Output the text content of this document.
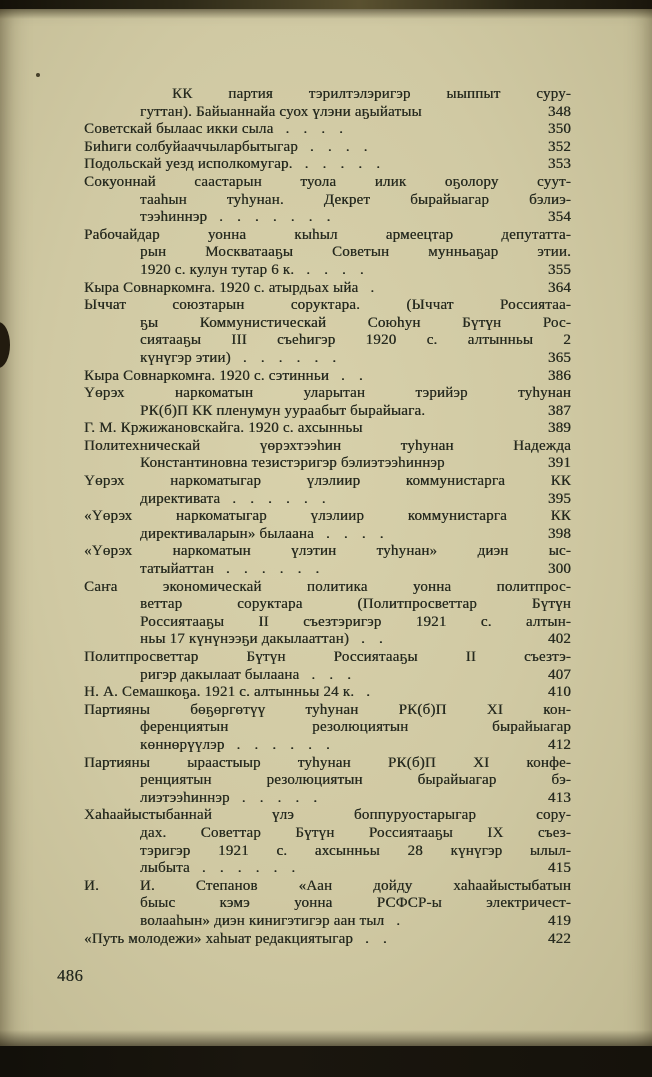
КК партия тэрилтэлэригэр ыыппыт суру-
гуттан). Байыаннайа суох үлэни аҕыйатыы	348
Советскай былаас икки сыла . . . .	350
Биһиги солбуйааччыларбытыгар . . . .	352
Подольскай уезд исполкомугар. . . . . .	353
Сокуоннай саастарын туола илик оҕолору суут-
тааһын туһунан. Декрет бырайыагар бэлиэ-
тээһиннэр . . . . . . .	354
Рабочайдар уонна кыһыл армеецтар депутатта-
рын Москватааҕы Советын мунньаҕар этии.
1920 с. кулун тутар 6 к. . . . .	355
Кыра Совнаркомҥа. 1920 с. атырдьах ыйа .	364
Ыччат союзтарын соруктара. (Ыччат Россиятаа-
ҕы Коммунистическай Союһун Бүтүн Рос-
сиятааҕы III съеһигэр 1920 с. алтынньы 2
күнүгэр этии) . . . . . .	365
Кыра Совнаркомҥа. 1920 с. сэтинньи . .	386
Үөрэх наркоматын уларытан тэрийэр туһунан
РК(б)П КК пленумун уураабыт бырайыага.	387
Г. М. Кржижановскайга. 1920 с. ахсынньы	389
Политехническай үөрэхтээһин туһунан Надежда
Константиновна тезистэригэр бэлиэтээһиннэр	391
Үөрэх наркоматыгар үлэлиир коммунистарга КК
директивата . . . . . .	395
«Үөрэх наркоматыгар үлэлиир коммунистарга КК
директиваларын» былаана . . . .	398
«Үөрэх наркоматын үлэтин туһунан» диэн ыс-
татыйаттан . . . . . .	300
Саҥа экономическай политика уонна политпрос-
веттар соруктара (Политпросветтар Бүтүн
Россиятааҕы II съезтэригэр 1921 с. алтын-
ньы 17 күнүнээҕи дакылааттан) . .	402
Политпросветтар Бүтүн Россиятааҕы II съезтэ-
ригэр дакылаат былаана . . .	407
Н. А. Семашкоҕа. 1921 с. алтынньы 24 к. .	410
Партияны бөҕөргөтүү туһунан РК(б)П XI кон-
ференциятын резолюциятын бырайыагар
көннөрүүлэр . . . . . .	412
Партияны ыраастыыр туһунан РК(б)П XI конфе-
ренциятын резолюциятын бырайыагар бэ-
лиэтээһиннэр . . . . .	413
Хаһаайыстыбаннай үлэ боппуруостарыгар сору-
дах. Советтар Бүтүн Россиятааҕы IX съез-
тэригэр 1921 с. ахсынньы 28 күнүгэр ылыл-
лыбыта . . . . . .	415
И. И. Степанов «Аан дойду хаһаайыстыбатын
быыс кэмэ уонна РСФСР-ы электричест-
волааһын» диэн кинигэтигэр аан тыл .	419
«Путь молодежи» хаһыат редакциятыгар . .	422
486
